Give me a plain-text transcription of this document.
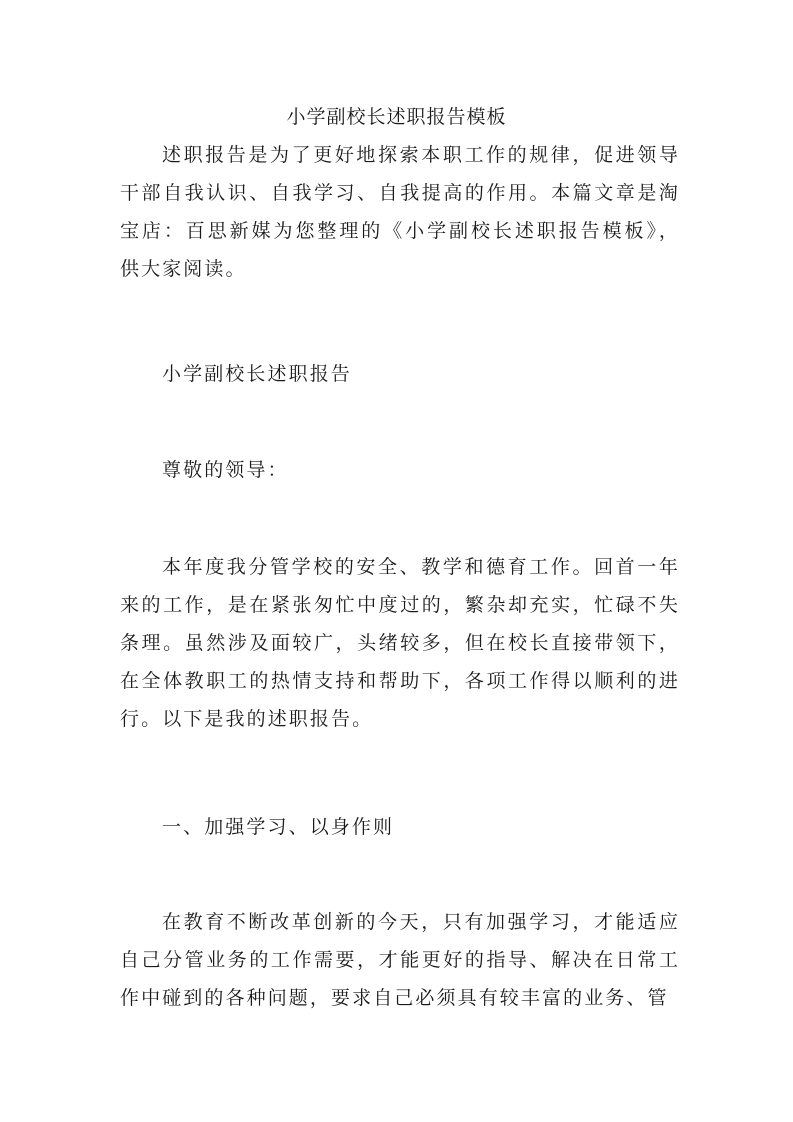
小学副校长述职报告模板
述职报告是为了更好地探索本职工作的规律，促进领导干部自我认识、自我学习、自我提高的作用。本篇文章是淘宝店：百思新媒为您整理的《小学副校长述职报告模板》，供大家阅读。
小学副校长述职报告
尊敬的领导：
本年度我分管学校的安全、教学和德育工作。回首一年来的工作，是在紧张匆忙中度过的，繁杂却充实，忙碌不失条理。虽然涉及面较广，头绪较多，但在校长直接带领下，在全体教职工的热情支持和帮助下，各项工作得以顺利的进行。以下是我的述职报告。
一、加强学习、以身作则
在教育不断改革创新的今天，只有加强学习，才能适应自己分管业务的工作需要，才能更好的指导、解决在日常工作中碰到的各种问题，要求自己必须具有较丰富的业务、管
